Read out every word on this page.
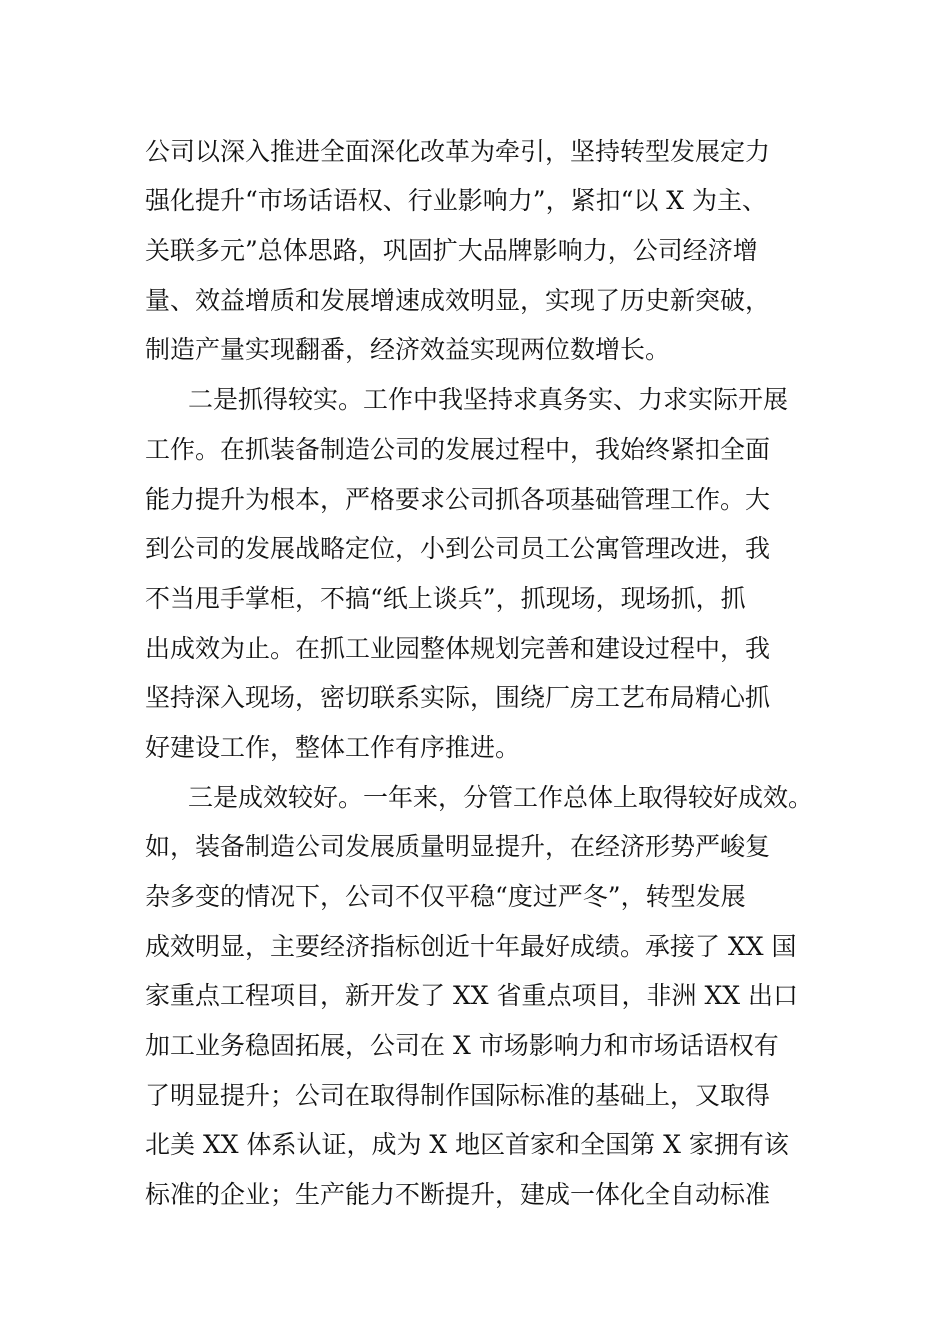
公司以深入推进全面深化改革为牵引，坚持转型发展定力
强化提升“市场话语权、行业影响力”，紧扣“以 X 为主、
关联多元”总体思路，巩固扩大品牌影响力，公司经济增
量、效益增质和发展增速成效明显，实现了历史新突破，
制造产量实现翻番，经济效益实现两位数增长。
二是抓得较实。工作中我坚持求真务实、力求实际开展
工作。在抓装备制造公司的发展过程中，我始终紧扣全面
能力提升为根本，严格要求公司抓各项基础管理工作。大
到公司的发展战略定位，小到公司员工公寓管理改进，我
不当甩手掌柜，不搞“纸上谈兵”，抓现场，现场抓，抓
出成效为止。在抓工业园整体规划完善和建设过程中，我
坚持深入现场，密切联系实际，围绕厂房工艺布局精心抓
好建设工作，整体工作有序推进。
三是成效较好。一年来，分管工作总体上取得较好成效。
如，装备制造公司发展质量明显提升，在经济形势严峻复
杂多变的情况下，公司不仅平稳“度过严冬”，转型发展
成效明显，主要经济指标创近十年最好成绩。承接了 XX 国
家重点工程项目，新开发了 XX 省重点项目，非洲 XX 出口
加工业务稳固拓展，公司在 X 市场影响力和市场话语权有
了明显提升；公司在取得制作国际标准的基础上，又取得
北美 XX 体系认证，成为 X 地区首家和全国第 X 家拥有该
标准的企业；生产能力不断提升，建成一体化全自动标准
